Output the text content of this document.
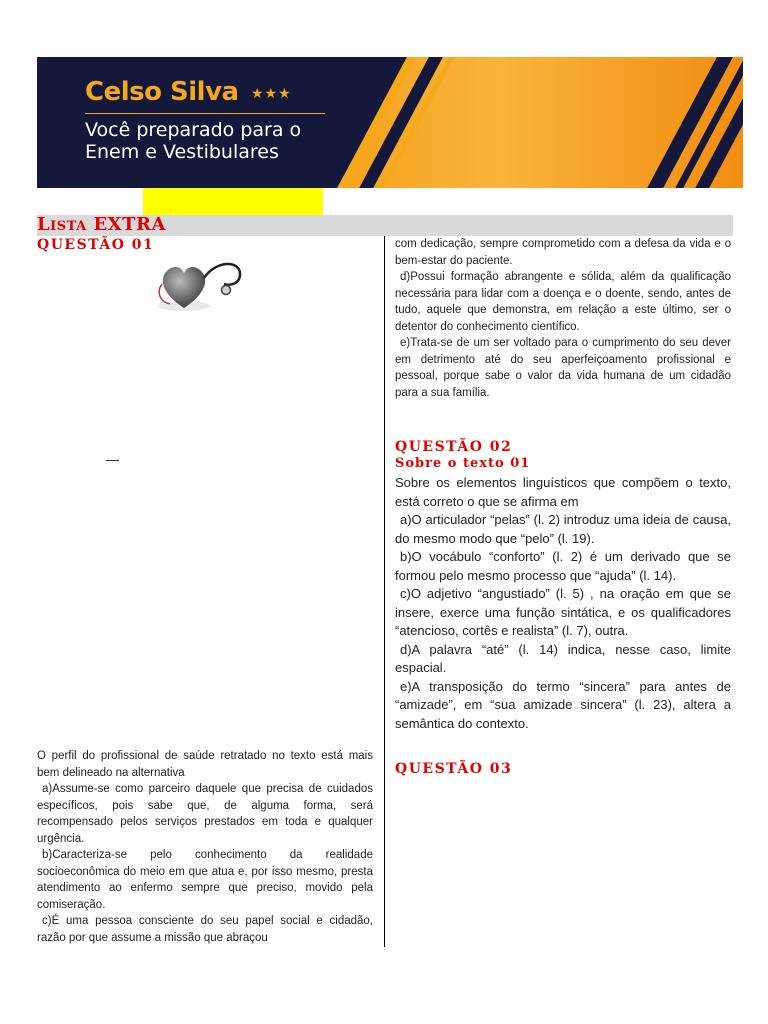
Celso Silva ★★★
Você preparado para o Enem e Vestibulares
Lista EXTRA
QUESTÃO 01

O perfil do profissional de saúde retratado no texto está mais bem delineado na alternativa

a)Assume-se como parceiro daquele que precisa de cuidados específicos, pois sabe que, de alguma forma, será recompensado pelos serviços prestados em toda e qualquer urgência.

b)Caracteriza-se pelo conhecimento da realidade socioeconômica do meio em que atua e, por isso mesmo, presta atendimento ao enfermo sempre que preciso, movido pela comiseração.

c)É uma pessoa consciente do seu papel social e cidadão, razão por que assume a missão que abraçou

com dedicação, sempre comprometido com a defesa da vida e o bem-estar do paciente.

d)Possui formação abrangente e sólida, além da qualificação necessária para lidar com a doença e o doente, sendo, antes de tudo, aquele que demonstra, em relação a este último, ser o detentor do conhecimento científico.

e)Trata-se de um ser voltado para o cumprimento do seu dever em detrimento até do seu aperfeiçoamento profissional e pessoal, porque sabe o valor da vida humana de um cidadão para a sua família.

QUESTÃO 02
Sobre o texto 01

Sobre os elementos linguísticos que compõem o texto, está correto o que se afirma em

a)O articulador “pelas” (l. 2) introduz uma ideia de causa, do mesmo modo que “pelo” (l. 19).

b)O vocábulo “conforto” (l. 2) é um derivado que se formou pelo mesmo processo que “ajuda” (l. 14).

c)O adjetivo “angustiado” (l. 5) , na oração em que se insere, exerce uma função sintática, e os qualificadores “atencioso, cortês e realista” (l. 7), outra.

d)A palavra “até” (l. 14) indica, nesse caso, limite espacial.

e)A transposição do termo “sincera” para antes de “amizade”, em “sua amizade sincera” (l. 23), altera a semântica do contexto.

QUESTÃO 03
